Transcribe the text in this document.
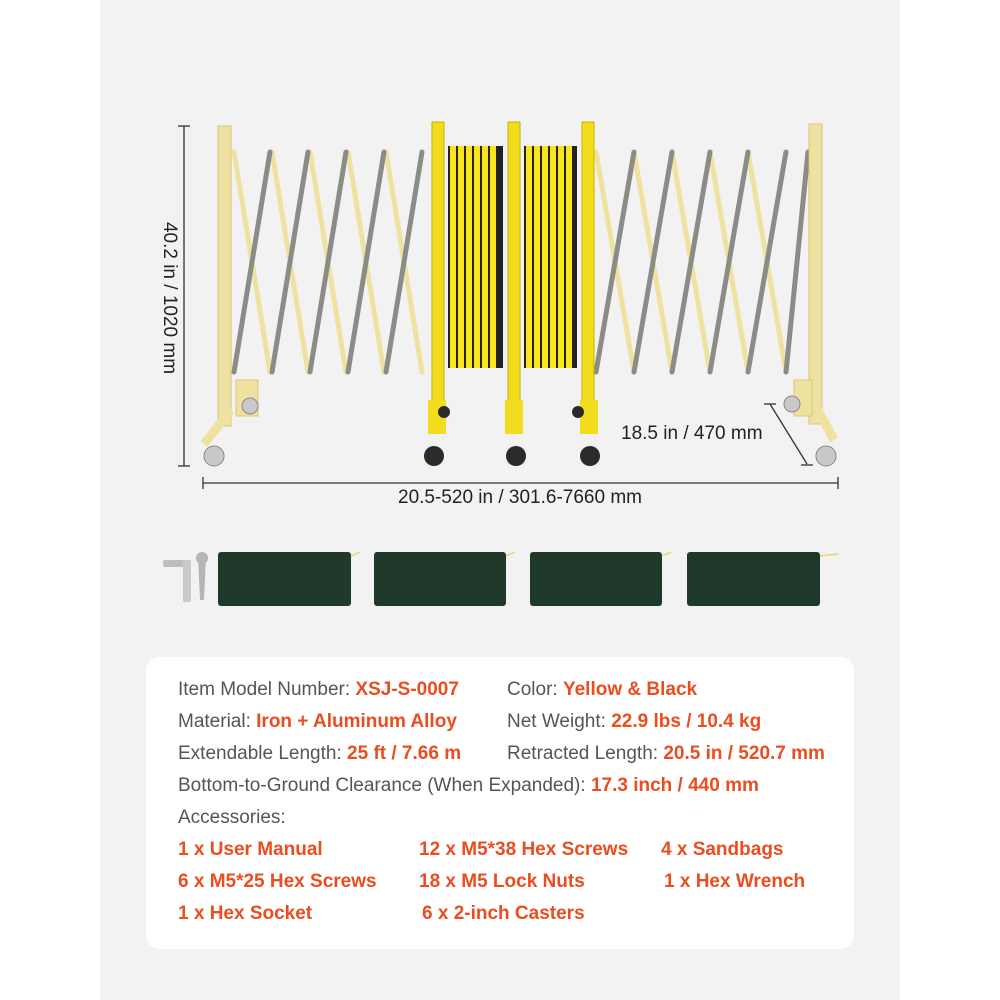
40.2 in / 1020 mm
20.5-520 in / 301.6-7660 mm
18.5 in / 470 mm
Item Model Number: XSJ-S-0007	Color: Yellow & Black
Material: Iron + Aluminum Alloy	Net Weight: 22.9 lbs / 10.4 kg
Extendable Length: 25 ft / 7.66 m Retracted Length: 20.5 in / 520.7 mm
Bottom-to-Ground Clearance (When Expanded): 17.3 inch / 440 mm
Accessories:
1 x User Manual	12 x M5*38 Hex Screws 4 x Sandbags
6 x M5*25 Hex Screws 18 x M5 Lock Nuts	1 x Hex Wrench
1 x Hex Socket	6 x 2-inch Casters
